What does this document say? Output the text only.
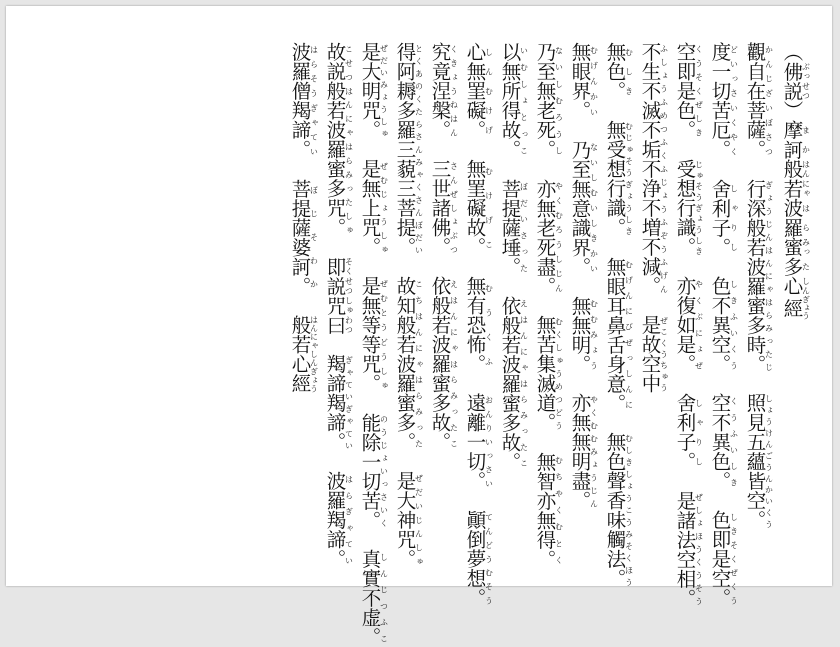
（佛説ぶっせつ）摩ま訶か般はん若にゃ波は羅ら蜜みっ多た心しん經ぎょう
觀自在菩薩。かんじざいぼさつ　行深般若波羅蜜多時。ぎょうじんはんにゃはらみったじ　照見五蘊皆空。しょうけんごうんかいくう
度一切苦厄。どいっさいくやく　舍利子。しゃりし　色不異空。しきふいくう　空不異色。くうふいしき　色即是空。しきそくぜくう
空即是色。くうそくぜしき　受想行識。じゅそうぎょうしき　亦復如是。やくぶにょぜ　舍利子。しゃりし　是諸法空相。ぜしょほうくうそう
不生不滅不垢不浄不増不減。ふしょうふめつふくふじょうふぞうふげん　是故空中ぜこくうちゅう
無色。むしき　無受想行識。むじゅそうぎょうしき　無眼耳鼻舌身意。むげんにびぜっしんに　無色聲香味觸法。むしきしょうこうみそくほう
無眼界。むげんかい　乃至無意識界。ないしむいしきかい　無無明。むむみょう　亦無無明盡。やくむむみょうじん
乃至無老死。ないしむろうし　亦無老死盡。やくむろうしじん　無苦集滅道。むくしゅうめつどう　無智亦無得。むちやくむとく
以無所得故。いむしょとっこ　菩提薩埵。ぼだいさった　依般若波羅蜜多故。えはんにゃはらみったこ
心無罣礙。しんむけげ　無罣礙故。むけげこ　無有恐怖。むうくふ　遠離一切。おんりいっさい　顚倒夢想。てんどうむそう
究竟涅槃。くきょうねはん　三世諸佛。さんぜしょぶつ　依般若波羅蜜多故。えはんにゃはらみったこ
得阿耨多羅三藐三菩提。とくあのくたらさんみゃくさんぼだい　故知般若波羅蜜多。こちはんにゃはらみった　是大神咒。ぜだいじんしゅ
是大明咒。ぜだいみょうしゅ　是無上咒。ぜむじょうしゅ　是無等等咒。ぜむとうどうしゅ　能除一切苦。のうじょいっさいく　真實不虚。しんじつふこ
故説般若波羅蜜多咒。こせつはんにゃはらみったしゅ　即説咒曰そくせつしゅわつ　羯諦羯諦。ぎゃていぎゃてい　波羅羯諦。はらぎゃてい
波羅僧羯諦。はらそうぎゃてい　菩提薩婆訶。ぼじそわか　般若心經はんにゃしんぎょう
